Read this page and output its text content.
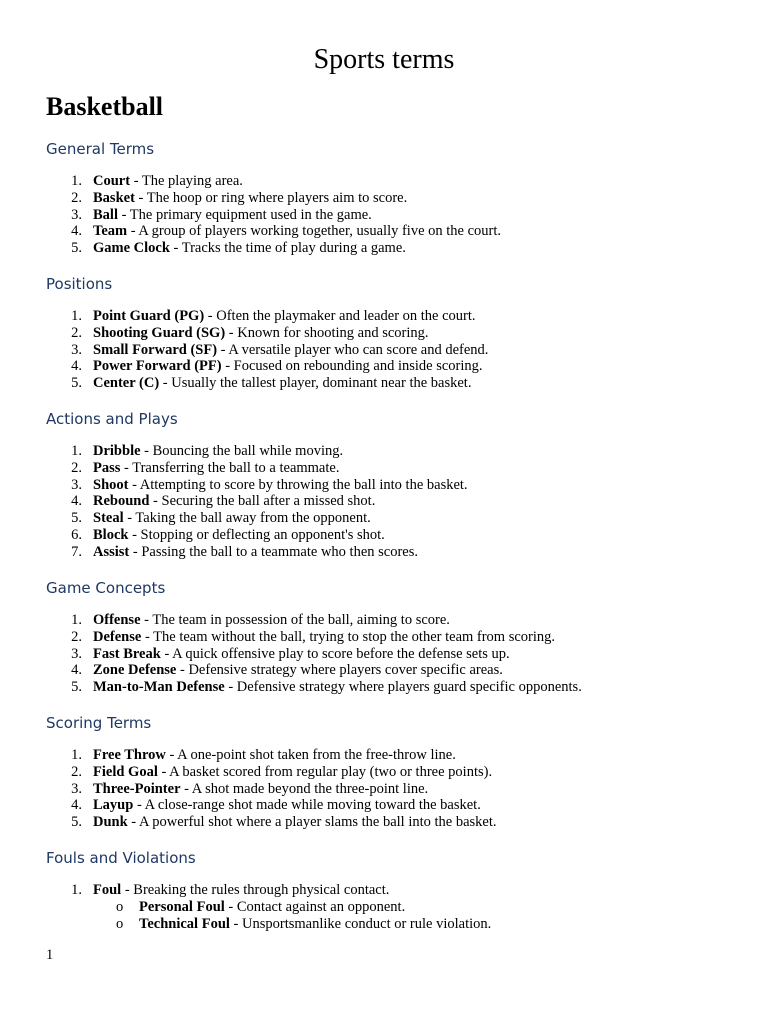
Sports terms
Basketball
General Terms
1. Court - The playing area.
2. Basket - The hoop or ring where players aim to score.
3. Ball - The primary equipment used in the game.
4. Team - A group of players working together, usually five on the court.
5. Game Clock - Tracks the time of play during a game.
Positions
1. Point Guard (PG) - Often the playmaker and leader on the court.
2. Shooting Guard (SG) - Known for shooting and scoring.
3. Small Forward (SF) - A versatile player who can score and defend.
4. Power Forward (PF) - Focused on rebounding and inside scoring.
5. Center (C) - Usually the tallest player, dominant near the basket.
Actions and Plays
1. Dribble - Bouncing the ball while moving.
2. Pass - Transferring the ball to a teammate.
3. Shoot - Attempting to score by throwing the ball into the basket.
4. Rebound - Securing the ball after a missed shot.
5. Steal - Taking the ball away from the opponent.
6. Block - Stopping or deflecting an opponent's shot.
7. Assist - Passing the ball to a teammate who then scores.
Game Concepts
1. Offense - The team in possession of the ball, aiming to score.
2. Defense - The team without the ball, trying to stop the other team from scoring.
3. Fast Break - A quick offensive play to score before the defense sets up.
4. Zone Defense - Defensive strategy where players cover specific areas.
5. Man-to-Man Defense - Defensive strategy where players guard specific opponents.
Scoring Terms
1. Free Throw - A one-point shot taken from the free-throw line.
2. Field Goal - A basket scored from regular play (two or three points).
3. Three-Pointer - A shot made beyond the three-point line.
4. Layup - A close-range shot made while moving toward the basket.
5. Dunk - A powerful shot where a player slams the ball into the basket.
Fouls and Violations
1. Foul - Breaking the rules through physical contact.
o Personal Foul - Contact against an opponent.
o Technical Foul - Unsportsmanlike conduct or rule violation.
1
